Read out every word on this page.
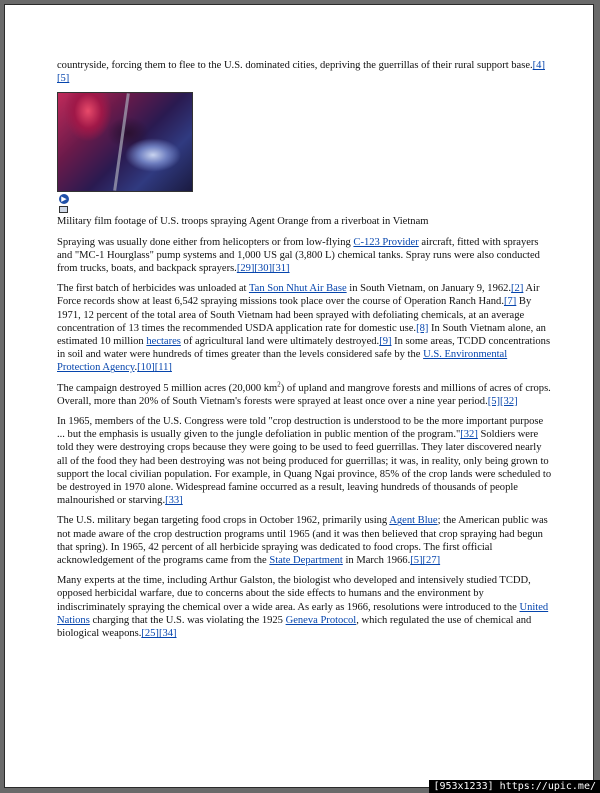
countryside, forcing them to flee to the U.S. dominated cities, depriving the guerrillas of their rural support base.[4][5]

▶

Military film footage of U.S. troops spraying Agent Orange from a riverboat in Vietnam

Spraying was usually done either from helicopters or from low-flying C-123 Provider aircraft, fitted with sprayers and "MC-1 Hourglass" pump systems and 1,000 US gal (3,800 L) chemical tanks. Spray runs were also conducted from trucks, boats, and backpack sprayers.[29][30][31]

The first batch of herbicides was unloaded at Tan Son Nhut Air Base in South Vietnam, on January 9, 1962.[2] Air Force records show at least 6,542 spraying missions took place over the course of Operation Ranch Hand.[7] By 1971, 12 percent of the total area of South Vietnam had been sprayed with defoliating chemicals, at an average concentration of 13 times the recommended USDA application rate for domestic use.[8] In South Vietnam alone, an estimated 10 million hectares of agricultural land were ultimately destroyed.[9] In some areas, TCDD concentrations in soil and water were hundreds of times greater than the levels considered safe by the U.S. Environmental Protection Agency.[10][11]

The campaign destroyed 5 million acres (20,000 $km^2$) of upland and mangrove forests and millions of acres of crops. Overall, more than 20% of South Vietnam's forests were sprayed at least once over a nine year period.[5][32]

In 1965, members of the U.S. Congress were told "crop destruction is understood to be the more important purpose ... but the emphasis is usually given to the jungle defoliation in public mention of the program."[32] Soldiers were told they were destroying crops because they were going to be used to feed guerrillas. They later discovered nearly all of the food they had been destroying was not being produced for guerrillas; it was, in reality, only being grown to support the local civilian population. For example, in Quang Ngai province, 85% of the crop lands were scheduled to be destroyed in 1970 alone. Widespread famine occurred as a result, leaving hundreds of thousands of people malnourished or starving.[33]

The U.S. military began targeting food crops in October 1962, primarily using Agent Blue; the American public was not made aware of the crop destruction programs until 1965 (and it was then believed that crop spraying had begun that spring). In 1965, 42 percent of all herbicide spraying was dedicated to food crops. The first official acknowledgement of the programs came from the State Department in March 1966.[5][27]

Many experts at the time, including Arthur Galston, the biologist who developed and intensively studied TCDD, opposed herbicidal warfare, due to concerns about the side effects to humans and the environment by indiscriminately spraying the chemical over a wide area. As early as 1966, resolutions were introduced to the United Nations charging that the U.S. was violating the 1925 Geneva Protocol, which regulated the use of chemical and biological weapons.[25][34]

[953x1233] https://upic.me/
